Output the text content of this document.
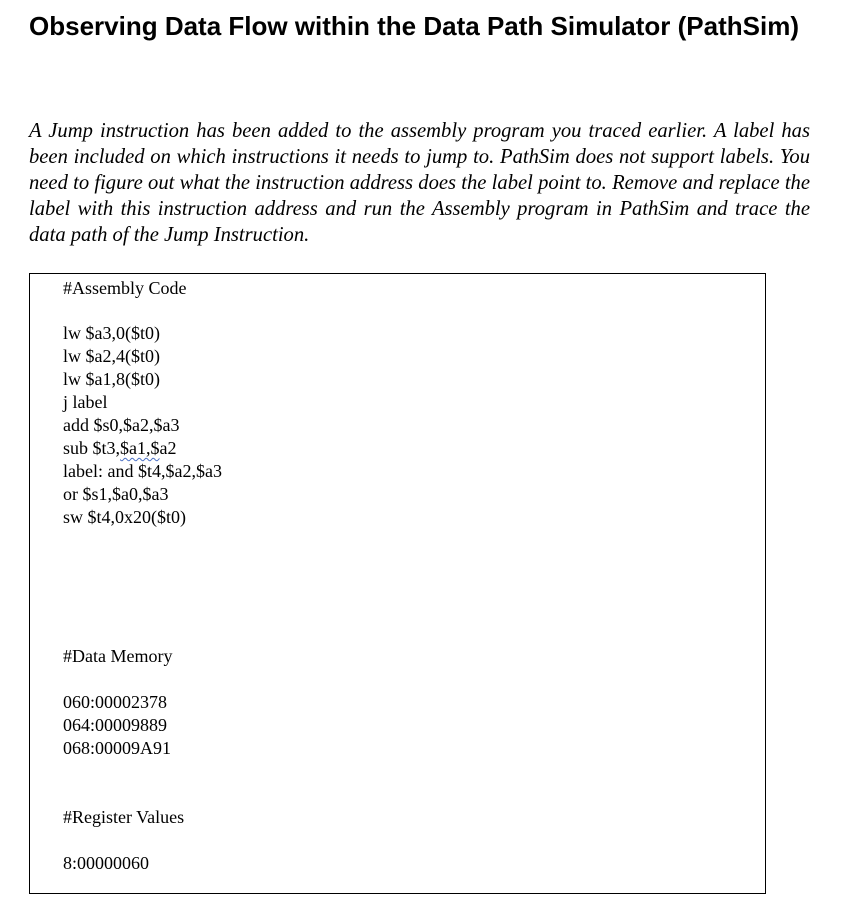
Observing Data Flow within the Data Path Simulator (PathSim)

A Jump instruction has been added to the assembly program you traced earlier. A label has been included on which instructions it needs to jump to. PathSim does not support labels. You need to figure out what the instruction address does the label point to. Remove and replace the label with this instruction address and run the Assembly program in PathSim and trace the data path of the Jump Instruction.

#Assembly Code
lw $a3,0($t0)
lw $a2,4($t0)
lw $a1,8($t0)
j label
add $s0,$a2,$a3
sub $t3,$a1,$a2
label: and $t4,$a2,$a3
or $s1,$a0,$a3
sw $t4,0x20($t0)
#Data Memory
060:00002378
064:00009889
068:00009A91
#Register Values
8:00000060
